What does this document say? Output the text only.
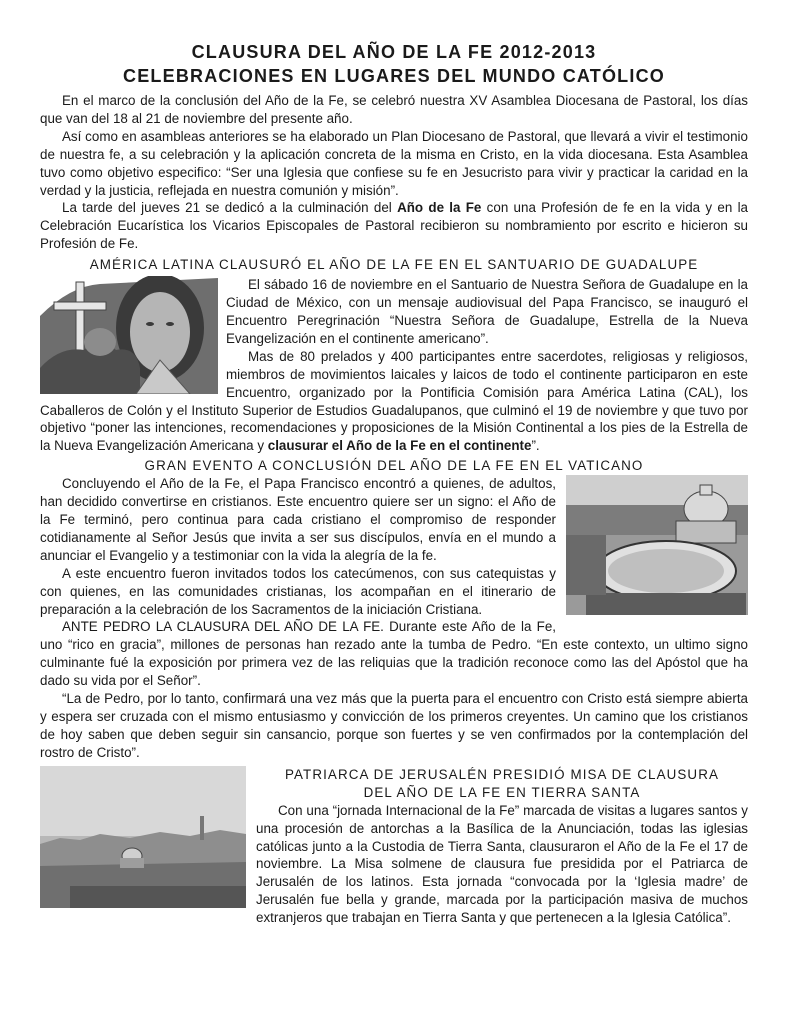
CLAUSURA DEL AÑO DE LA FE 2012-2013
CELEBRACIONES EN LUGARES DEL MUNDO CATÓLICO

En el marco de la conclusión del Año de la Fe, se celebró nuestra XV Asamblea Diocesana de Pastoral, los días que van del 18 al 21 de noviembre del presente año.

Así como en asambleas anteriores se ha elaborado un Plan Diocesano de Pastoral, que llevará a vivir el testimonio de nuestra fe, a su celebración y la aplicación concreta de la misma en Cristo, en la vida diocesana. Esta Asamblea tuvo como objetivo especifico: “Ser una Iglesia que confiese su fe en Jesucristo para vivir y practicar la caridad en la verdad y la justicia, reflejada en nuestra comunión y misión”.

La tarde del jueves 21 se dedicó a la culminación del Año de la Fe con una Profesión de fe en la vida y en la Celebración Eucarística los Vicarios Episcopales de Pastoral recibieron su nombramiento por escrito e hicieron su Profesión de Fe.

AMÉRICA LATINA CLAUSURÓ EL AÑO DE LA FE EN EL SANTUARIO DE GUADALUPE

El sábado 16 de noviembre en el Santuario de Nuestra Señora de Guadalupe en la Ciudad de México, con un mensaje audiovisual del Papa Francisco, se inauguró el Encuentro Peregrinación “Nuestra Señora de Guadalupe, Estrella de la Nueva Evangelización en el continente americano”.

Mas de 80 prelados y 400 participantes entre sacerdotes, religiosas y religiosos, miembros de movimientos laicales y laicos de todo el continente participaron en este Encuentro, organizado por la Pontificia Comisión para América Latina (CAL), los Caballeros de Colón y el Instituto Superior de Estudios Guadalupanos, que culminó el 19 de noviembre y que tuvo por objetivo “poner las intenciones, recomendaciones y proposiciones de la Misión Continental a los pies de la Estrella de la Nueva Evangelización Americana y clausurar el Año de la Fe en el continente”.

GRAN EVENTO A CONCLUSIÓN DEL AÑO DE LA FE EN EL VATICANO

Concluyendo el Año de la Fe, el Papa Francisco encontró a quienes, de adultos, han decidido convertirse en cristianos. Este encuentro quiere ser un signo: el Año de la Fe terminó, pero continua para cada cristiano el compromiso de responder cotidianamente al Señor Jesús que invita a ser sus discípulos, envía en el mundo a anunciar el Evangelio y a testimoniar con la vida la alegría de la fe.

A este encuentro fueron invitados todos los catecúmenos, con sus catequistas y con quienes, en las comunidades cristianas, los acompañan en el itinerario de preparación a la celebración de los Sacramentos de la iniciación Cristiana.

ANTE PEDRO LA CLAUSURA DEL AÑO DE LA FE. Durante este Año de la Fe, uno “rico en gracia”, millones de personas han rezado ante la tumba de Pedro. “En este contexto, un ultimo signo culminante fué la exposición por primera vez de las reliquias que la tradición reconoce como las del Apóstol que ha dado su vida por el Señor”.

“La de Pedro, por lo tanto, confirmará una vez más que la puerta para el encuentro con Cristo está siempre abierta y espera ser cruzada con el mismo entusiasmo y convicción de los primeros creyentes. Un camino que los cristianos de hoy saben que deben seguir sin cansancio, porque son fuertes y se ven confirmados por la contemplación del rostro de Cristo”.

PATRIARCA DE JERUSALÉN PRESIDIÓ MISA DE CLAUSURA
DEL AÑO DE LA FE EN TIERRA SANTA

Con una “jornada Internacional de la Fe” marcada de visitas a lugares santos y una procesión de antorchas a la Basílica de la Anunciación, todas las iglesias católicas junto a la Custodia de Tierra Santa, clausuraron el Año de la Fe el 17 de noviembre. La Misa solmene de clausura fue presidida por el Patriarca de Jerusalén de los latinos. Esta jornada “convocada por la ‘Iglesia madre’ de Jerusalén fue bella y grande, marcada por la participación masiva de muchos extranjeros que trabajan en Tierra Santa y que pertenecen a la Iglesia Católica”.
